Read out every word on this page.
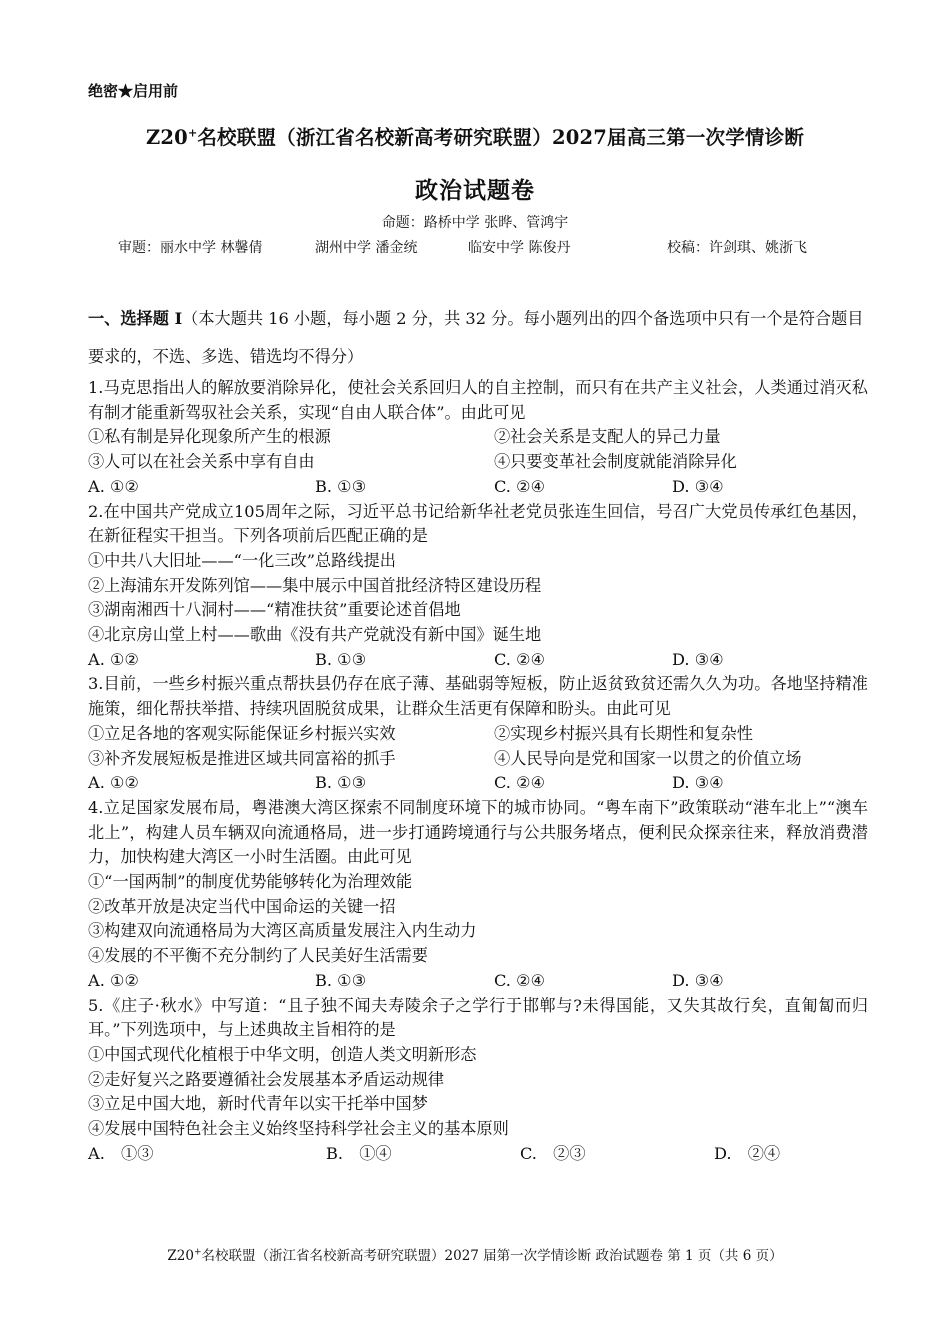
绝密★启用前
Z20+名校联盟（浙江省名校新高考研究联盟）2027届高三第一次学情诊断
政治试题卷
命题：路桥中学 张晔、管鸿宇
审题：丽水中学 林馨倩	湖州中学 潘金统	临安中学 陈俊丹	校稿：许剑琪、姚浙飞
一、选择题 I（本大题共 16 小题，每小题 2 分，共 32 分。每小题列出的四个备选项中只有一个是符合题目要求的，不选、多选、错选均不得分）
1.马克思指出人的解放要消除异化，使社会关系回归人的自主控制，而只有在共产主义社会，人类通过消灭私有制才能重新驾驭社会关系，实现“自由人联合体”。由此可见
①私有制是异化现象所产生的根源	②社会关系是支配人的异己力量
③人可以在社会关系中享有自由	④只要变革社会制度就能消除异化
A. ①②	B. ①③	C. ②④	D. ③④
2.在中国共产党成立105周年之际，习近平总书记给新华社老党员张连生回信，号召广大党员传承红色基因，在新征程实干担当。下列各项前后匹配正确的是
①中共八大旧址——“一化三改”总路线提出
②上海浦东开发陈列馆——集中展示中国首批经济特区建设历程
③湖南湘西十八洞村——“精准扶贫”重要论述首倡地
④北京房山堂上村——歌曲《没有共产党就没有新中国》诞生地
A. ①②	B. ①③	C. ②④	D. ③④
3.目前，一些乡村振兴重点帮扶县仍存在底子薄、基础弱等短板，防止返贫致贫还需久久为功。各地坚持精准施策，细化帮扶举措、持续巩固脱贫成果，让群众生活更有保障和盼头。由此可见
①立足各地的客观实际能保证乡村振兴实效	②实现乡村振兴具有长期性和复杂性
③补齐发展短板是推进区域共同富裕的抓手	④人民导向是党和国家一以贯之的价值立场
A. ①②	B. ①③	C. ②④	D. ③④
4.立足国家发展布局，粤港澳大湾区探索不同制度环境下的城市协同。“粤车南下”政策联动“港车北上”“澳车北上”，构建人员车辆双向流通格局，进一步打通跨境通行与公共服务堵点，便利民众探亲往来，释放消费潜力，加快构建大湾区一小时生活圈。由此可见
①“一国两制”的制度优势能够转化为治理效能
②改革开放是决定当代中国命运的关键一招
③构建双向流通格局为大湾区高质量发展注入内生动力
④发展的不平衡不充分制约了人民美好生活需要
A. ①②	B. ①③	C. ②④	D. ③④
5.《庄子·秋水》中写道：“且子独不闻夫寿陵余子之学行于邯郸与?未得国能，又失其故行矣，直匍匐而归耳。”下列选项中，与上述典故主旨相符的是
①中国式现代化植根于中华文明，创造人类文明新形态
②走好复兴之路要遵循社会发展基本矛盾运动规律
③立足中国大地，新时代青年以实干托举中国梦
④发展中国特色社会主义始终坚持科学社会主义的基本原则
A.　①③	B.　①④	C.　②③	D.　②④
Z20+名校联盟（浙江省名校新高考研究联盟）2027 届第一次学情诊断 政治试题卷 第 1 页（共 6 页）
